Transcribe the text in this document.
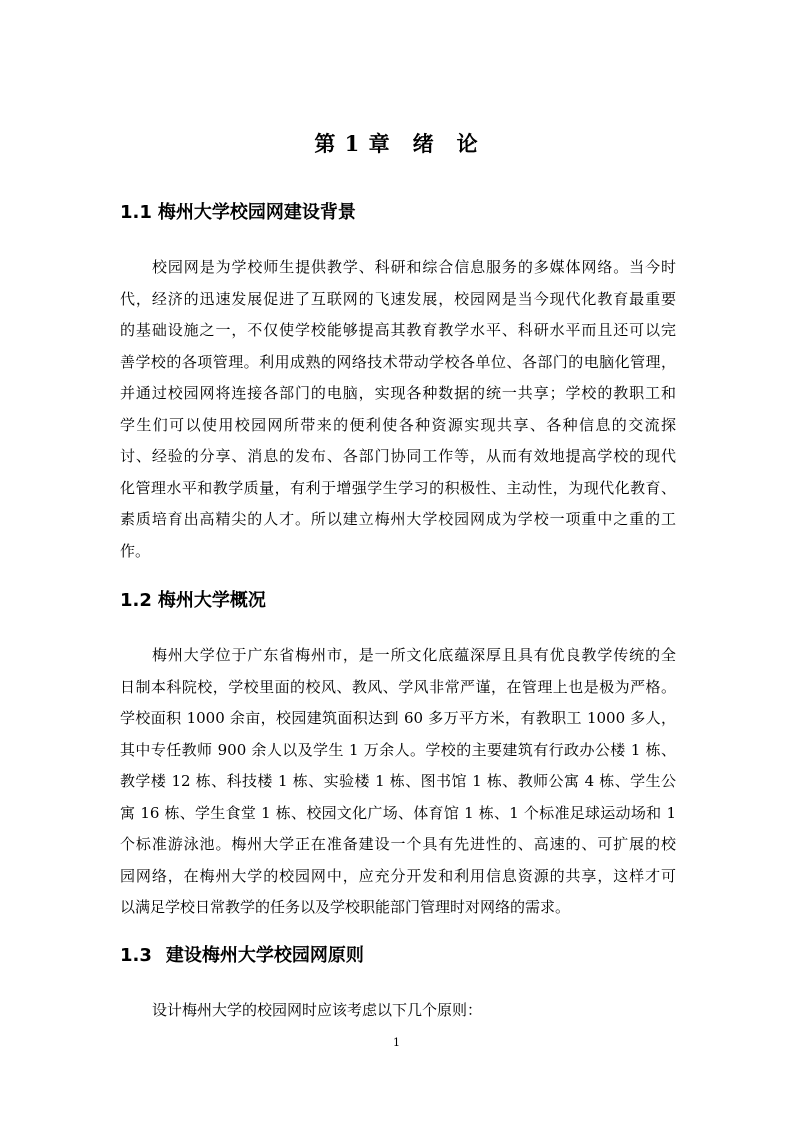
第 1 章 绪 论
1.1 梅州大学校园网建设背景
校园网是为学校师生提供教学、科研和综合信息服务的多媒体网络。当今时
代，经济的迅速发展促进了互联网的飞速发展，校园网是当今现代化教育最重要
的基础设施之一，不仅使学校能够提高其教育教学水平、科研水平而且还可以完
善学校的各项管理。利用成熟的网络技术带动学校各单位、各部门的电脑化管理，
并通过校园网将连接各部门的电脑，实现各种数据的统一共享；学校的教职工和
学生们可以使用校园网所带来的便利使各种资源实现共享、各种信息的交流探
讨、经验的分享、消息的发布、各部门协同工作等，从而有效地提高学校的现代
化管理水平和教学质量，有利于增强学生学习的积极性、主动性，为现代化教育、
素质培育出高精尖的人才。所以建立梅州大学校园网成为学校一项重中之重的工
作。
1.2 梅州大学概况
梅州大学位于广东省梅州市，是一所文化底蕴深厚且具有优良教学传统的全
日制本科院校，学校里面的校风、教风、学风非常严谨，在管理上也是极为严格。
学校面积 1000 余亩，校园建筑面积达到 60 多万平方米，有教职工 1000 多人，
其中专任教师 900 余人以及学生 1 万余人。学校的主要建筑有行政办公楼 1 栋、
教学楼 12 栋、科技楼 1 栋、实验楼 1 栋、图书馆 1 栋、教师公寓 4 栋、学生公
寓 16 栋、学生食堂 1 栋、校园文化广场、体育馆 1 栋、1 个标准足球运动场和 1
个标准游泳池。梅州大学正在准备建设一个具有先进性的、高速的、可扩展的校
园网络，在梅州大学的校园网中，应充分开发和利用信息资源的共享，这样才可
以满足学校日常教学的任务以及学校职能部门管理时对网络的需求。
1.3 建设梅州大学校园网原则
设计梅州大学的校园网时应该考虑以下几个原则：
1
